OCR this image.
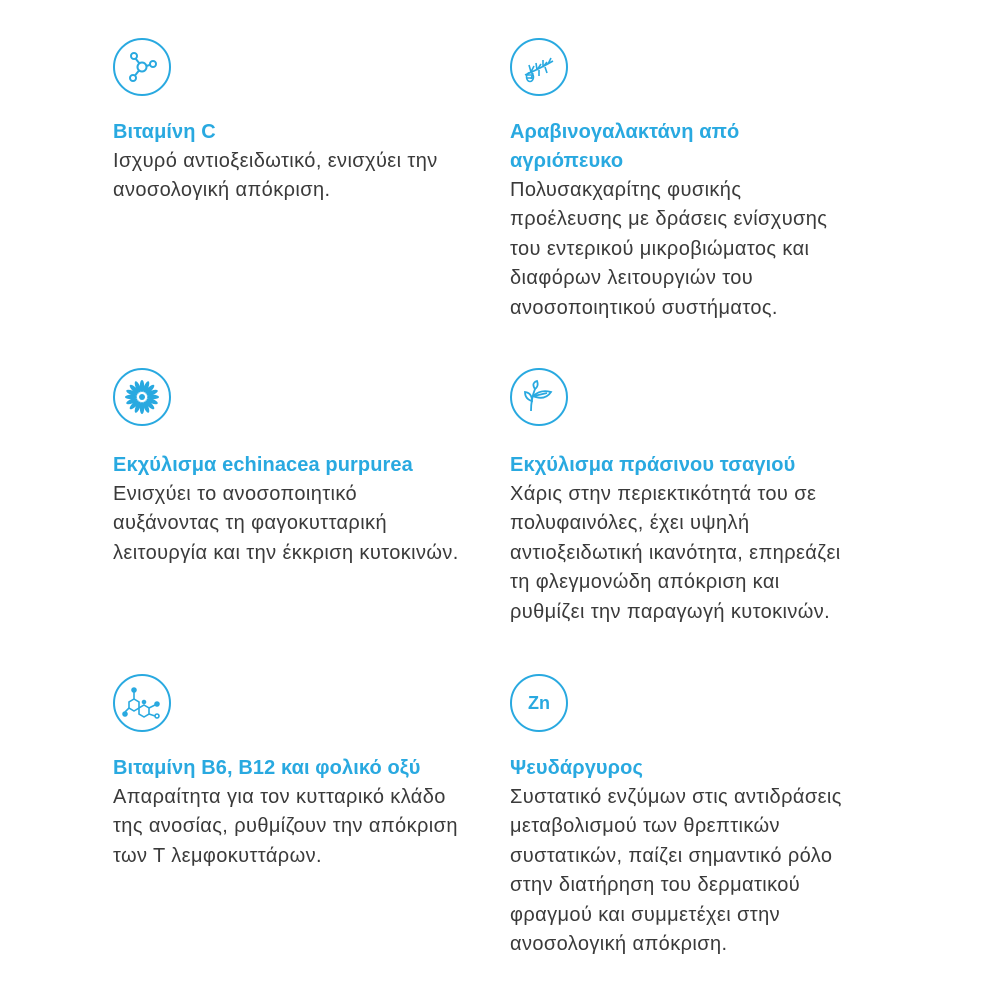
Βιταμίνη C

Ισχυρό αντιοξειδωτικό, ενισχύει την ανοσολογική απόκριση.

Αραβινογαλακτάνη από αγριόπευκο

Πολυσακχαρίτης φυσικής προέλευσης με δράσεις ενίσχυσης του εντερικού μικροβιώματος και διαφόρων λειτουργιών του ανοσοποιητικού συστήματος.

Εκχύλισμα echinacea purpurea

Ενισχύει το ανοσοποιητικό αυξάνοντας τη φαγοκυτταρική λειτουργία και την έκκριση κυτοκινών.

Εκχύλισμα πράσινου τσαγιού

Χάρις στην περιεκτικότητά του σε πολυφαινόλες, έχει υψηλή αντιοξειδωτική ικανότητα, επηρεάζει τη φλεγμονώδη απόκριση και ρυθμίζει την παραγωγή κυτοκινών.

Βιταμίνη Β6, Β12 και φολικό οξύ

Απαραίτητα για τον κυτταρικό κλάδο της ανοσίας, ρυθμίζουν την απόκριση των Τ λεμφοκυττάρων.

Zn

Ψευδάργυρος

Συστατικό ενζύμων στις αντιδράσεις μεταβολισμού των θρεπτικών συστατικών, παίζει σημαντικό ρόλο στην διατήρηση του δερματικού φραγμού και συμμετέχει στην ανοσολογική απόκριση.
